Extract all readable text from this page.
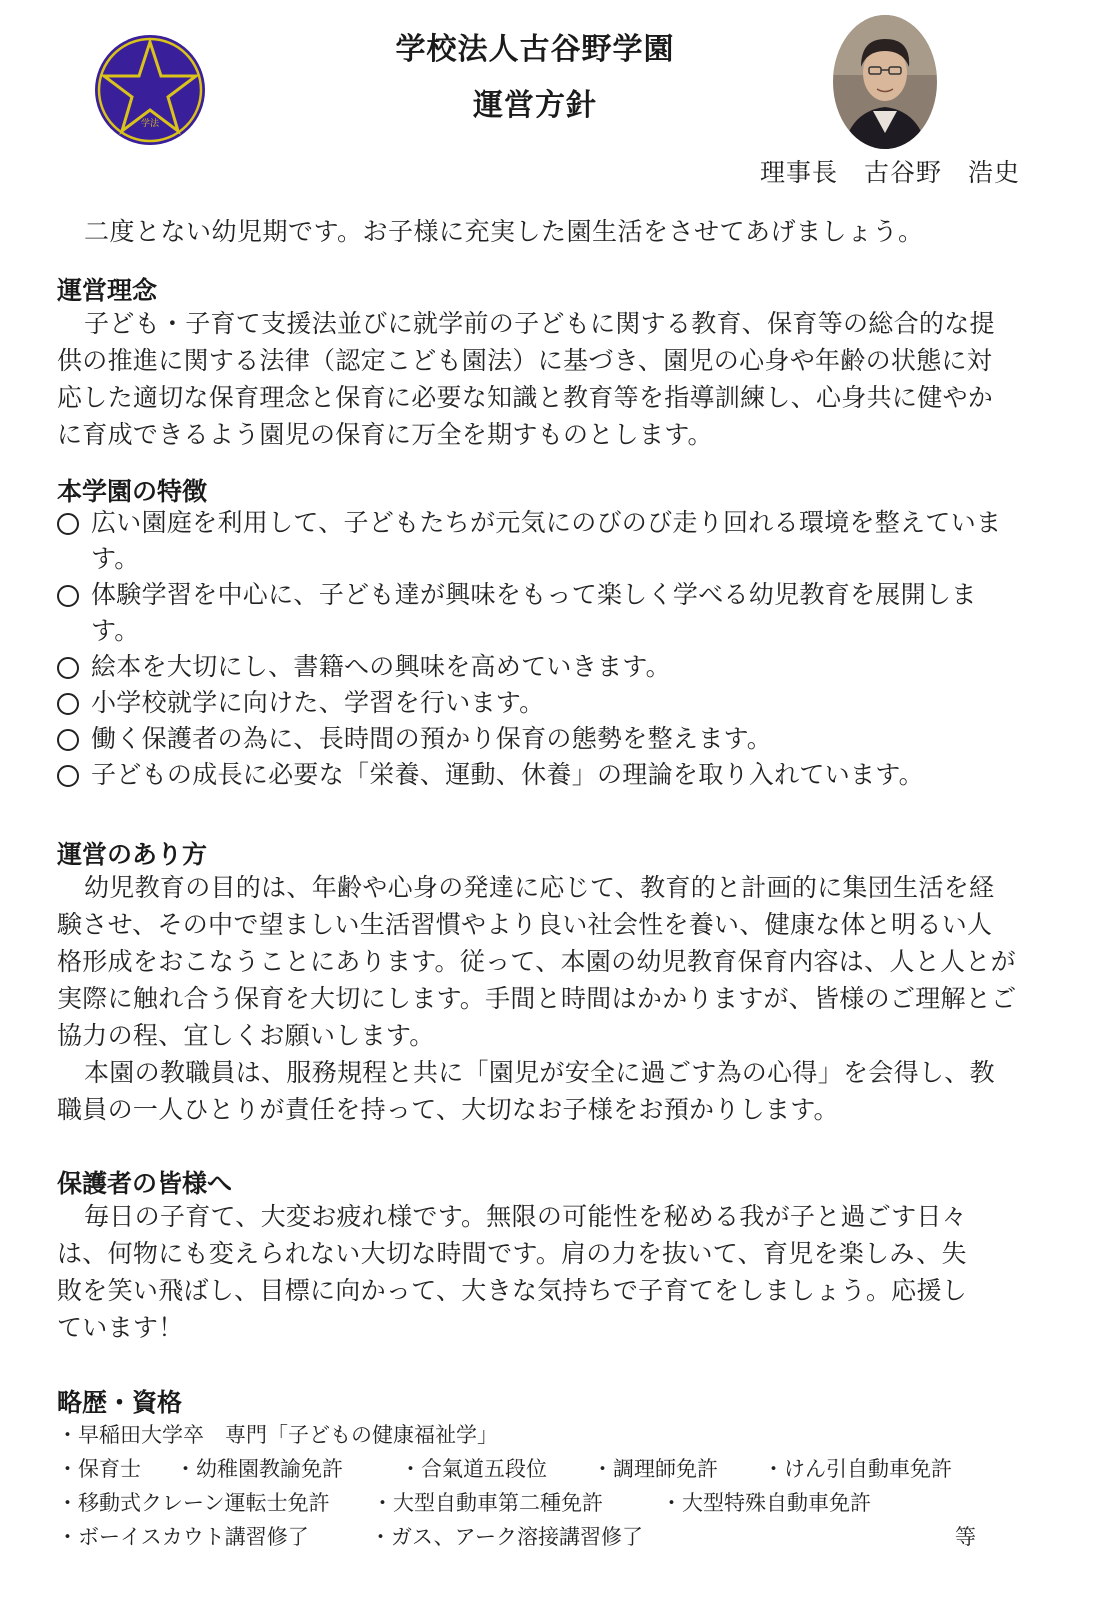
学法
学校法人古谷野学園
運営方針
理事長　古谷野　浩史
二度とない幼児期です。お子様に充実した園生活をさせてあげましょう。
運営理念
子ども・子育て支援法並びに就学前の子どもに関する教育、保育等の総合的な提供の推進に関する法律（認定こども園法）に基づき、園児の心身や年齢の状態に対応した適切な保育理念と保育に必要な知識と教育等を指導訓練し、心身共に健やかに育成できるよう園児の保育に万全を期すものとします。
本学園の特徴
広い園庭を利用して、子どもたちが元気にのびのび走り回れる環境を整えています。
体験学習を中心に、子ども達が興味をもって楽しく学べる幼児教育を展開します。
絵本を大切にし、書籍への興味を高めていきます。
小学校就学に向けた、学習を行います。
働く保護者の為に、長時間の預かり保育の態勢を整えます。
子どもの成長に必要な「栄養、運動、休養」の理論を取り入れています。
運営のあり方

幼児教育の目的は、年齢や心身の発達に応じて、教育的と計画的に集団生活を経験させ、その中で望ましい生活習慣やより良い社会性を養い、健康な体と明るい人格形成をおこなうことにあります。従って、本園の幼児教育保育内容は、人と人とが実際に触れ合う保育を大切にします。手間と時間はかかりますが、皆様のご理解とご協力の程、宜しくお願いします。

本園の教職員は、服務規程と共に「園児が安全に過ごす為の心得」を会得し、教職員の一人ひとりが責任を持って、大切なお子様をお預かりします。

保護者の皆様へ
毎日の子育て、大変お疲れ様です。無限の可能性を秘める我が子と過ごす日々は、何物にも変えられない大切な時間です。肩の力を抜いて、育児を楽しみ、失敗を笑い飛ばし、目標に向かって、大きな気持ちで子育てをしましょう。応援しています！
略歴・資格
・ 早稲田大学卒　専門「子どもの健康福祉学」
・ 保育士	・ 幼稚園教諭免許	・ 合氣道五段位	・ 調理師免許	・ けん引自動車免許
・ 移動式クレーン運転士免許	・ 大型自動車第二種免許	・ 大型特殊自動車免許
・ ボーイスカウト講習修了	・ ガス、アーク溶接講習修了	等
